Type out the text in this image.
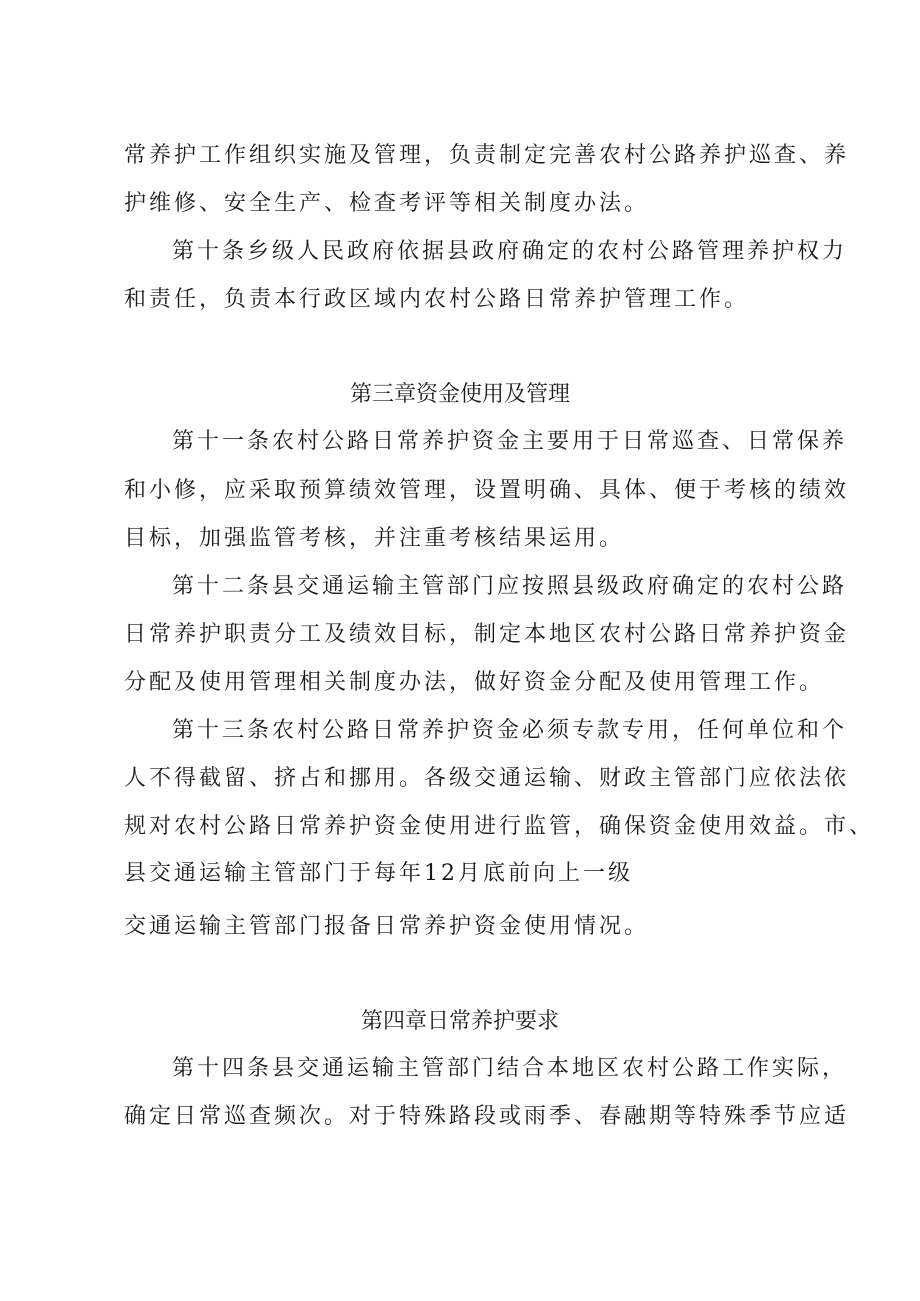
常养护工作组织实施及管理，负责制定完善农村公路养护巡查、养
护维修、安全生产、检查考评等相关制度办法。
第十条乡级人民政府依据县政府确定的农村公路管理养护权力
和责任，负责本行政区域内农村公路日常养护管理工作。
第三章资金使用及管理
第十一条农村公路日常养护资金主要用于日常巡查、日常保养
和小修，应采取预算绩效管理，设置明确、具体、便于考核的绩效
目标，加强监管考核，并注重考核结果运用。
第十二条县交通运输主管部门应按照县级政府确定的农村公路
日常养护职责分工及绩效目标，制定本地区农村公路日常养护资金
分配及使用管理相关制度办法，做好资金分配及使用管理工作。
第十三条农村公路日常养护资金必须专款专用，任何单位和个
人不得截留、挤占和挪用。各级交通运输、财政主管部门应依法依
规对农村公路日常养护资金使用进行监管，确保资金使用效益。市、
县交通运输主管部门于每年12月底前向上一级
交通运输主管部门报备日常养护资金使用情况。
第四章日常养护要求
第十四条县交通运输主管部门结合本地区农村公路工作实际，
确定日常巡查频次。对于特殊路段或雨季、春融期等特殊季节应适
